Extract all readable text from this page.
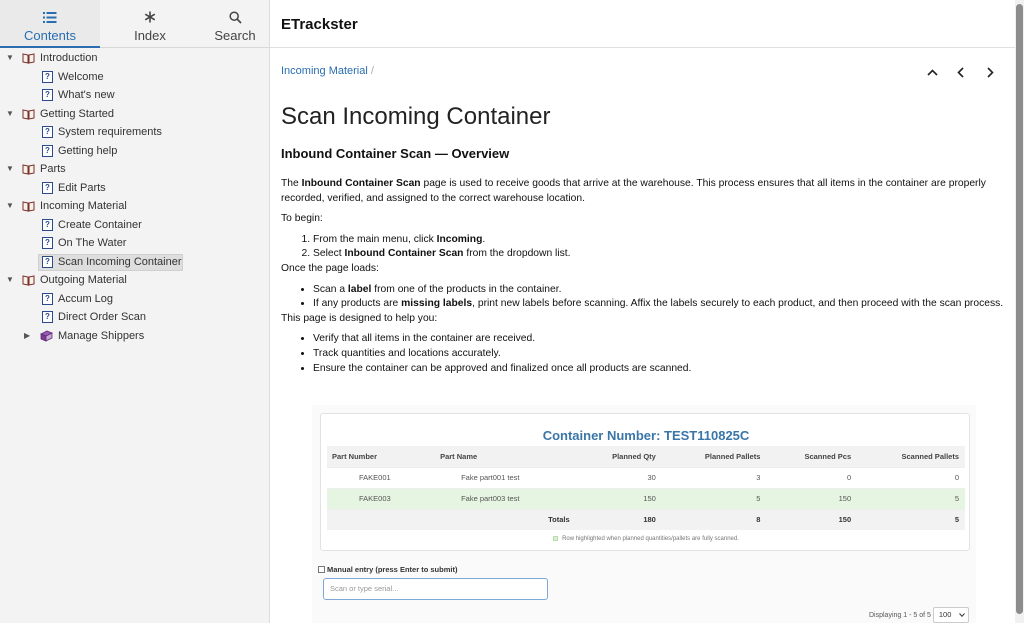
Contents	Index	Search
▼ Introduction
? Welcome
? What's new
▼ Getting Started
? System requirements
? Getting help
▼ Parts
? Edit Parts
▼ Incoming Material
? Create Container
? On The Water
? Scan Incoming Container
▼ Outgoing Material
? Accum Log
? Direct Order Scan
▶	Manage Shippers
ETrackster
Incoming Material /
Scan Incoming Container
Inbound Container Scan — Overview

The Inbound Container Scan page is used to receive goods that arrive at the warehouse. This process ensures that all items in the container are properly recorded, verified, and assigned to the correct warehouse location.

To begin:

1. From the main menu, click Incoming.
2. Select Inbound Container Scan from the dropdown list.

Once the page loads:

• Scan a label from one of the products in the container.
• If any products are missing labels, print new labels before scanning. Affix the labels securely to each product, and then proceed with the scan process.

This page is designed to help you:

• Verify that all items in the container are received.
• Track quantities and locations accurately.
• Ensure the container can be approved and finalized once all products are scanned.
Container Number: TEST110825C
Part Number	Part Name	Planned Qty	Planned Pallets	Scanned Pcs	Scanned Pallets
FAKE001	Fake part001 test	30	3	0	0
FAKE003	Fake part003 test	150	5	150	5
	Totals	180	8	150	5
Row highlighted when planned quantities/pallets are fully scanned.
Manual entry (press Enter to submit)
Scan or type serial...
Displaying 1 - 5 of 5 100
